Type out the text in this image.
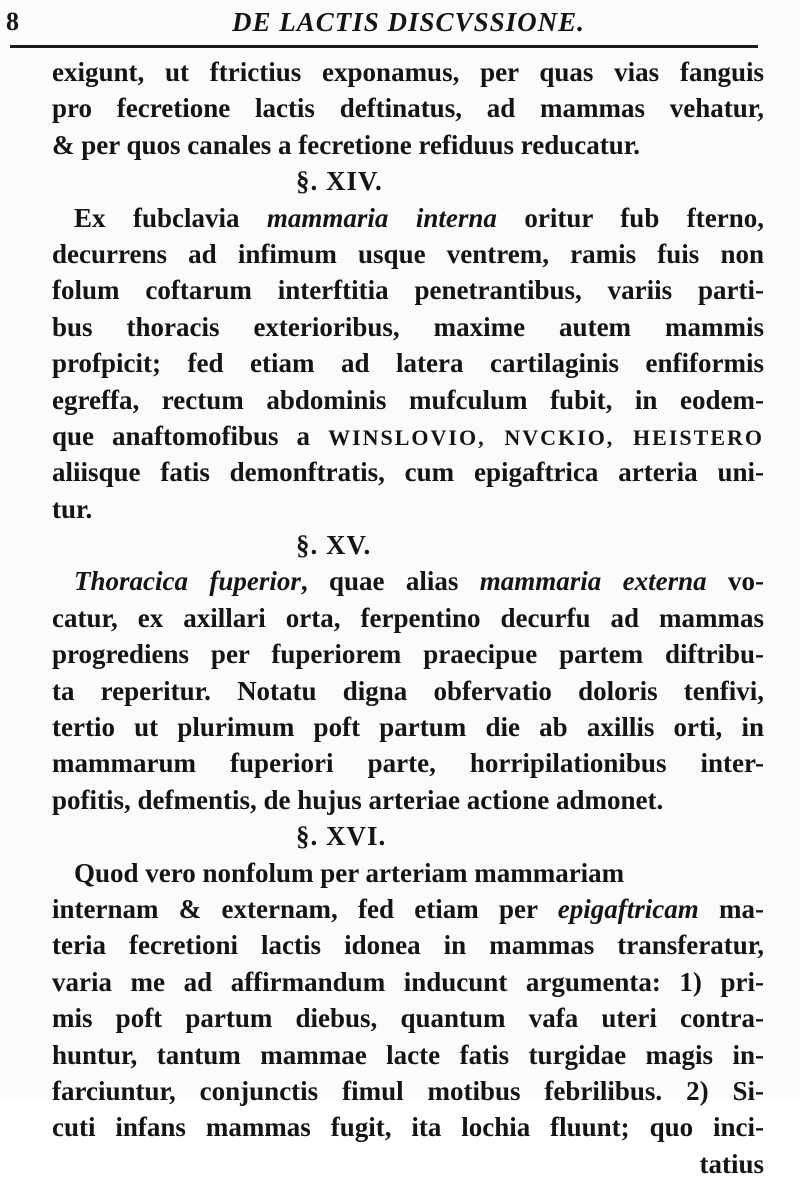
8	DE LACTIS DISCVSSIONE.
exigunt, ut ftrictius exponamus, per quas vias fanguis
pro fecretione lactis deftinatus, ad mammas vehatur,
& per quos canales a fecretione refiduus reducatur.
§. XIV.
Ex fubclavia mammaria interna oritur fub fterno,
decurrens ad infimum usque ventrem, ramis fuis non
folum coftarum interftitia penetrantibus, variis parti-
bus thoracis exterioribus, maxime autem mammis
profpicit; fed etiam ad latera cartilaginis enfiformis
egreffa, rectum abdominis mufculum fubit, in eodem-
que anaftomofibus a WINSLOVIO, NVCKIO, HEISTERO
aliisque fatis demonftratis, cum epigaftrica arteria uni-
tur.
§. XV.
Thoracica fuperior, quae alias mammaria externa vo-
catur, ex axillari orta, ferpentino decurfu ad mammas
progrediens per fuperiorem praecipue partem diftribu-
ta reperitur. Notatu digna obfervatio doloris tenfivi,
tertio ut plurimum poft partum die ab axillis orti, in
mammarum fuperiori parte, horripilationibus inter-
pofitis, defmentis, de hujus arteriae actione admonet.
§. XVI.
Quod vero nonfolum per arteriam mammariam
internam & externam, fed etiam per epigaftricam ma-
teria fecretioni lactis idonea in mammas transferatur,
varia me ad affirmandum inducunt argumenta: 1) pri-
mis poft partum diebus, quantum vafa uteri contra-
huntur, tantum mammae lacte fatis turgidae magis in-
farciuntur, conjunctis fimul motibus febrilibus. 2) Si-
cuti infans mammas fugit, ita lochia fluunt; quo inci-
tatius
